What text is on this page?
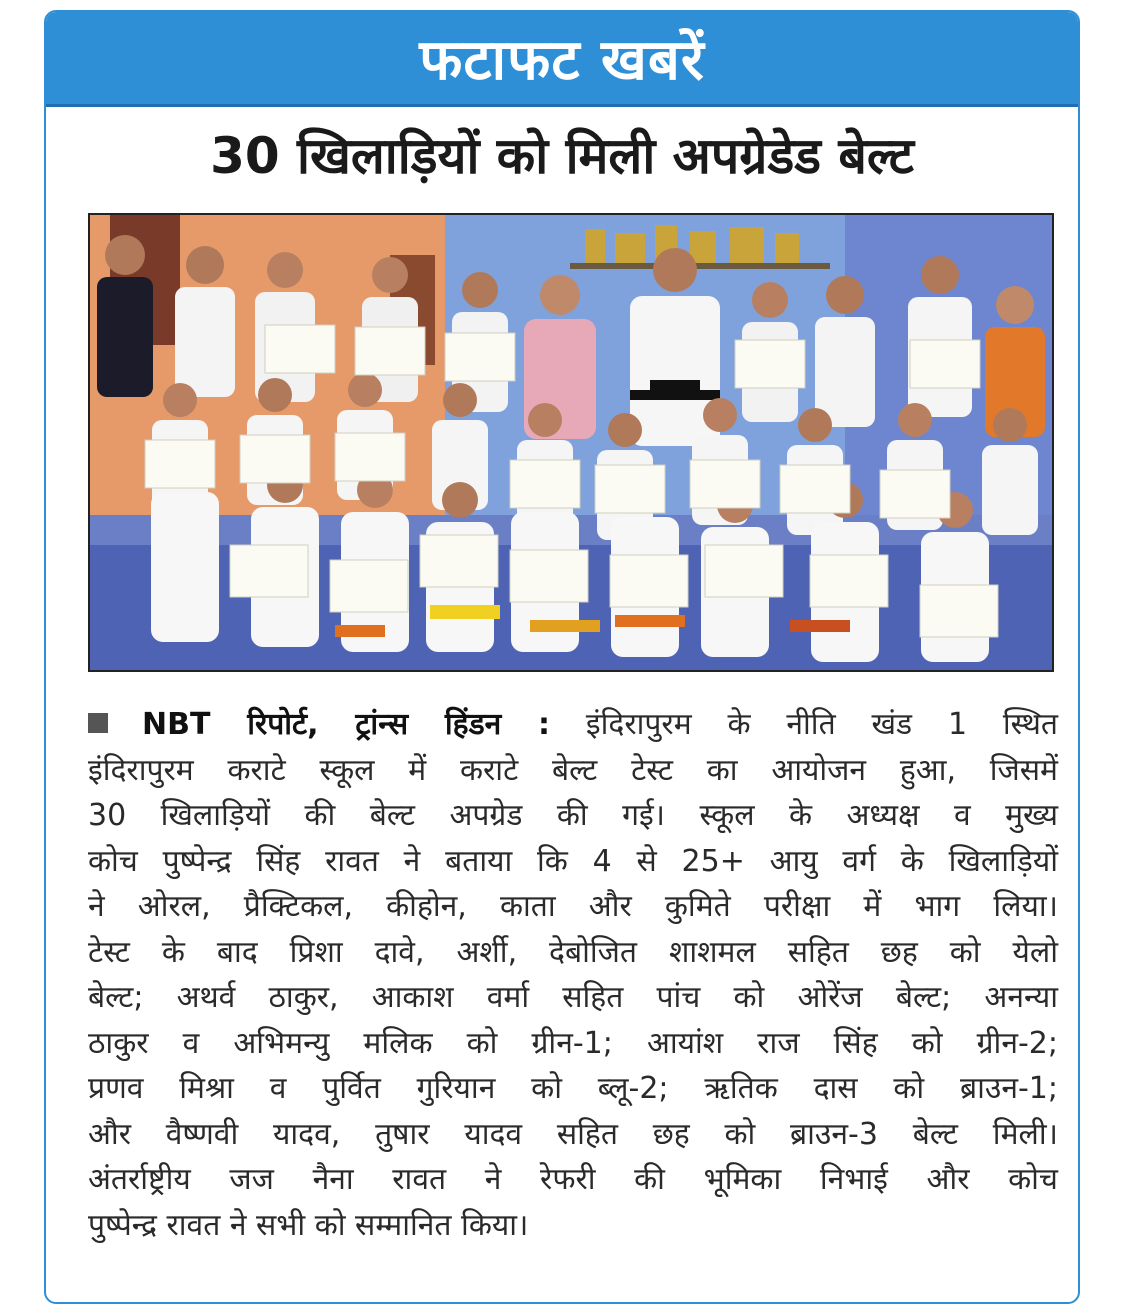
फटाफट खबरें
30 खिलाड़ियों को मिली अपग्रेडेड बेल्ट
NBT रिपोर्ट, ट्रांन्स हिंडन : इंदिरापुरम के नीति खंड 1 स्थित
इंदिरापुरम कराटे स्कूल में कराटे बेल्ट टेस्ट का आयोजन हुआ, जिसमें
30 खिलाड़ियों की बेल्ट अपग्रेड की गई। स्कूल के अध्यक्ष व मुख्य
कोच पुष्पेन्द्र सिंह रावत ने बताया कि 4 से 25+ आयु वर्ग के खिलाड़ियों
ने ओरल, प्रैक्टिकल, कीहोन, काता और कुमिते परीक्षा में भाग लिया।
टेस्ट के बाद प्रिशा दावे, अर्शी, देबोजित शाशमल सहित छह को येलो
बेल्ट; अथर्व ठाकुर, आकाश वर्मा सहित पांच को ओरेंज बेल्ट; अनन्या
ठाकुर व अभिमन्यु मलिक को ग्रीन-1; आयांश राज सिंह को ग्रीन-2;
प्रणव मिश्रा व पुर्वित गुरियान को ब्लू-2; ऋतिक दास को ब्राउन-1;
और वैष्णवी यादव, तुषार यादव सहित छह को ब्राउन-3 बेल्ट मिली।
अंतर्राष्ट्रीय जज नैना रावत ने रेफरी की भूमिका निभाई और कोच
पुष्पेन्द्र रावत ने सभी को सम्मानित किया।
